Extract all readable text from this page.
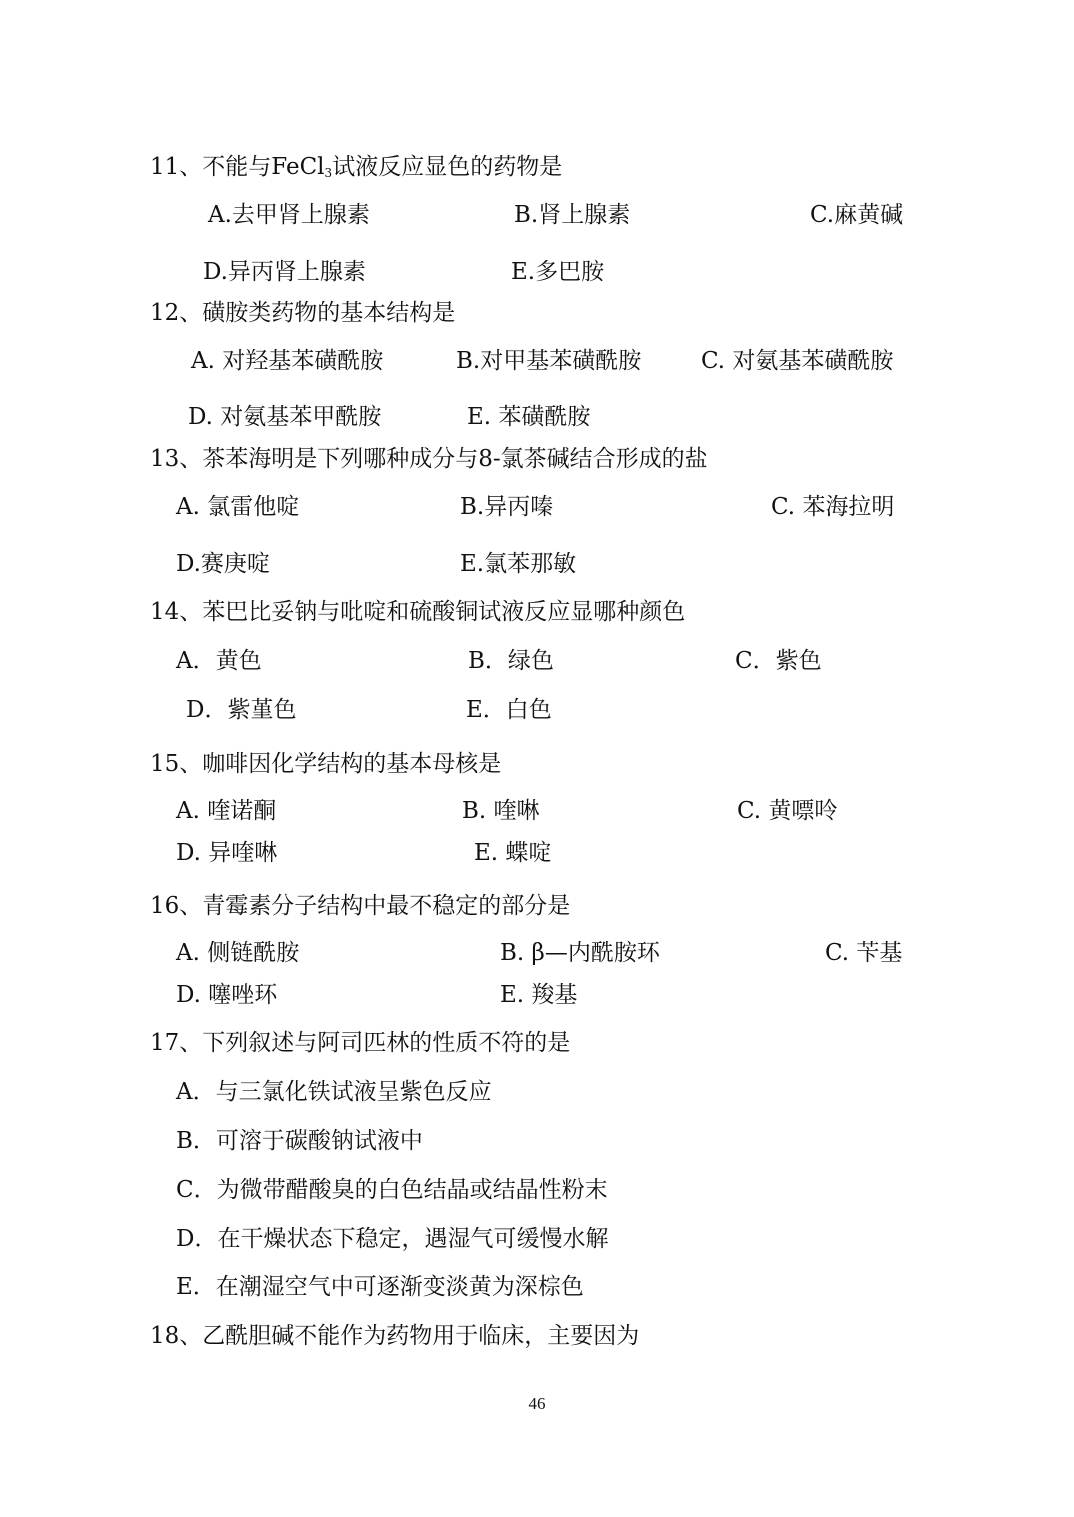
11、不能与FeCl$_3$试液反应显色的药物是
A.去甲肾上腺素	B.肾上腺素	C.麻黄碱
D.异丙肾上腺素	E.多巴胺
12、磺胺类药物的基本结构是
A. 对羟基苯磺酰胺	B.对甲基苯磺酰胺	C. 对氨基苯磺酰胺
D. 对氨基苯甲酰胺	E. 苯磺酰胺
13、茶苯海明是下列哪种成分与8-氯茶碱结合形成的盐
A. 氯雷他啶	B.异丙嗪	C. 苯海拉明
D.赛庚啶	E.氯苯那敏
14、苯巴比妥钠与吡啶和硫酸铜试液反应显哪种颜色
A．黄色	B．绿色	C．紫色
D．紫堇色	E．白色
15、咖啡因化学结构的基本母核是
A. 喹诺酮	B. 喹啉	C. 黄嘌呤
D. 异喹啉	E. 蝶啶
16、青霉素分子结构中最不稳定的部分是
A. 侧链酰胺	B. β—内酰胺环	C. 苄基
D. 噻唑环	E. 羧基
17、下列叙述与阿司匹林的性质不符的是
A．与三氯化铁试液呈紫色反应
B．可溶于碳酸钠试液中
C．为微带醋酸臭的白色结晶或结晶性粉末
D．在干燥状态下稳定，遇湿气可缓慢水解
E．在潮湿空气中可逐渐变淡黄为深棕色
18、乙酰胆碱不能作为药物用于临床，主要因为
46
